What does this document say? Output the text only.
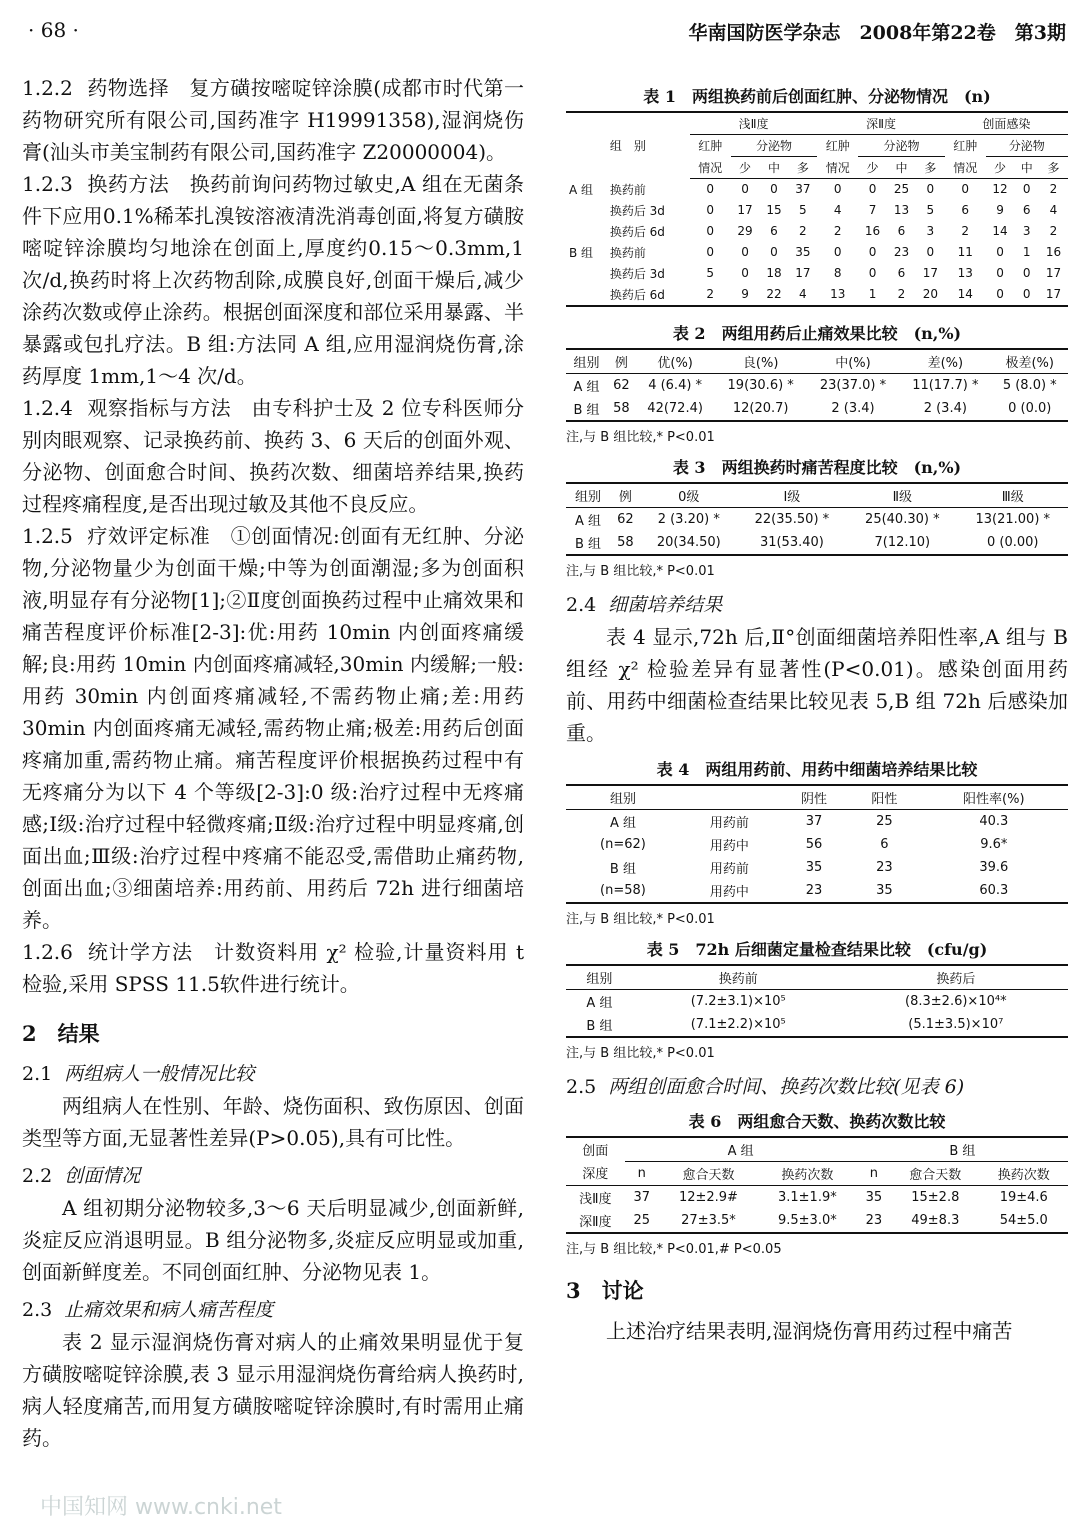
· 68 ·	华南国防医学杂志　2008年第22卷　第3期

1.2.2 药物选择　复方磺按嘧啶锌涂膜(成都市时代第一药物研究所有限公司,国药准字 H19991358),湿润烧伤膏(汕头市美宝制药有限公司,国药准字 Z20000004)。

1.2.3 换药方法　换药前询问药物过敏史,A 组在无菌条件下应用0.1%稀苯扎溴铵溶液清洗消毒创面,将复方磺胺嘧啶锌涂膜均匀地涂在创面上,厚度约0.15～0.3mm,1 次/d,换药时将上次药物刮除,成膜良好,创面干燥后,减少涂药次数或停止涂药。根据创面深度和部位采用暴露、半暴露或包扎疗法。B 组:方法同 A 组,应用湿润烧伤膏,涂药厚度 1mm,1～4 次/d。

1.2.4 观察指标与方法　由专科护士及 2 位专科医师分别肉眼观察、记录换药前、换药 3、6 天后的创面外观、分泌物、创面愈合时间、换药次数、细菌培养结果,换药过程疼痛程度,是否出现过敏及其他不良反应。

1.2.5 疗效评定标准　①创面情况:创面有无红肿、分泌物,分泌物量少为创面干燥;中等为创面潮湿;多为创面积液,明显存有分泌物[1];②Ⅱ度创面换药过程中止痛效果和痛苦程度评价标准[2-3]:优:用药 10min 内创面疼痛缓解;良:用药 10min 内创面疼痛减轻,30min 内缓解;一般:用药 30min 内创面疼痛减轻,不需药物止痛;差:用药 30min 内创面疼痛无减轻,需药物止痛;极差:用药后创面疼痛加重,需药物止痛。痛苦程度评价根据换药过程中有无疼痛分为以下 4 个等级[2-3]:0 级:治疗过程中无疼痛感;Ⅰ级:治疗过程中轻微疼痛;Ⅱ级:治疗过程中明显疼痛,创面出血;Ⅲ级:治疗过程中疼痛不能忍受,需借助止痛药物,创面出血;③细菌培养:用药前、用药后 72h 进行细菌培养。

1.2.6 统计学方法　计数资料用 χ² 检验,计量资料用 t 检验,采用 SPSS 11.5软件进行统计。

2　结果
2.1 两组病人一般情况比较

两组病人在性别、年龄、烧伤面积、致伤原因、创面类型等方面,无显著性差异(P>0.05),具有可比性。

2.2 创面情况

A 组初期分泌物较多,3～6 天后明显减少,创面新鲜,炎症反应消退明显。B 组分泌物多,炎症反应明显或加重,创面新鲜度差。不同创面红肿、分泌物见表 1。

2.3 止痛效果和病人痛苦程度

表 2 显示湿润烧伤膏对病人的止痛效果明显优于复方磺胺嘧啶锌涂膜,表 3 显示用湿润烧伤膏给病人换药时,病人轻度痛苦,而用复方磺胺嘧啶锌涂膜时,有时需用止痛药。

表 1　两组换药前后创面红肿、分泌物情况　(n)
组　别		浅Ⅱ度				深Ⅱ度				创面感染			
		红肿	分泌物			红肿	分泌物			红肿	分泌物		
		情况	少	中	多	情况	少	中	多	情况	少	中	多
A 组	换药前	0	0	0	37	0	0	25	0	0	12	0	2
	换药后 3d	0	17	15	5	4	7	13	5	6	9	6	4
	换药后 6d	0	29	6	2	2	16	6	3	2	14	3	2
B 组	换药前	0	0	0	35	0	0	23	0	11	0	1	16
	换药后 3d	5	0	18	17	8	0	6	17	13	0	0	17
	换药后 6d	2	9	22	4	13	1	2	20	14	0	0	17
表 2　两组用药后止痛效果比较　(n,%)
组别	例	优(%)	良(%)	中(%)	差(%)	极差(%)
A 组	62	4 (6.4) *	19(30.6) *	23(37.0) *	11(17.7) *	5 (8.0) *
B 组	58	42(72.4)	12(20.7)	2 (3.4)	2 (3.4)	0 (0.0)
注,与 B 组比较,* P<0.01
表 3　两组换药时痛苦程度比较　(n,%)
组别	例	0级	Ⅰ级	Ⅱ级	Ⅲ级
A 组	62	2 (3.20) *	22(35.50) *	25(40.30) *	13(21.00) *
B 组	58	20(34.50)	31(53.40)	7(12.10)	0 (0.00)
注,与 B 组比较,* P<0.01
2.4 细菌培养结果

表 4 显示,72h 后,Ⅱ°创面细菌培养阳性率,A 组与 B 组经 χ² 检验差异有显著性(P<0.01)。感染创面用药前、用药中细菌检查结果比较见表 5,B 组 72h 后感染加重。

表 4　两组用药前、用药中细菌培养结果比较
组别		阴性	阳性	阳性率(%)
A 组	用药前	37	25	40.3
(n=62)	用药中	56	6	9.6*
B 组	用药前	35	23	39.6
(n=58)	用药中	23	35	60.3
注,与 B 组比较,* P<0.01
表 5　72h 后细菌定量检查结果比较　(cfu/g)
组别	换药前	换药后
A 组	(7.2±3.1)×10⁵	(8.3±2.6)×10⁴*
B 组	(7.1±2.2)×10⁵	(5.1±3.5)×10⁷
注,与 B 组比较,* P<0.01
2.5 两组创面愈合时间、换药次数比较(见表 6)
表 6　两组愈合天数、换药次数比较
创面	A 组			B 组		
深度	n	愈合天数	换药次数	n	愈合天数	换药次数
浅Ⅱ度	37	12±2.9#	3.1±1.9*	35	15±2.8	19±4.6
深Ⅱ度	25	27±3.5*	9.5±3.0*	23	49±8.3	54±5.0
注,与 B 组比较,* P<0.01,# P<0.05
3　讨论

上述治疗结果表明,湿润烧伤膏用药过程中痛苦

中国知网 www.cnki.net
